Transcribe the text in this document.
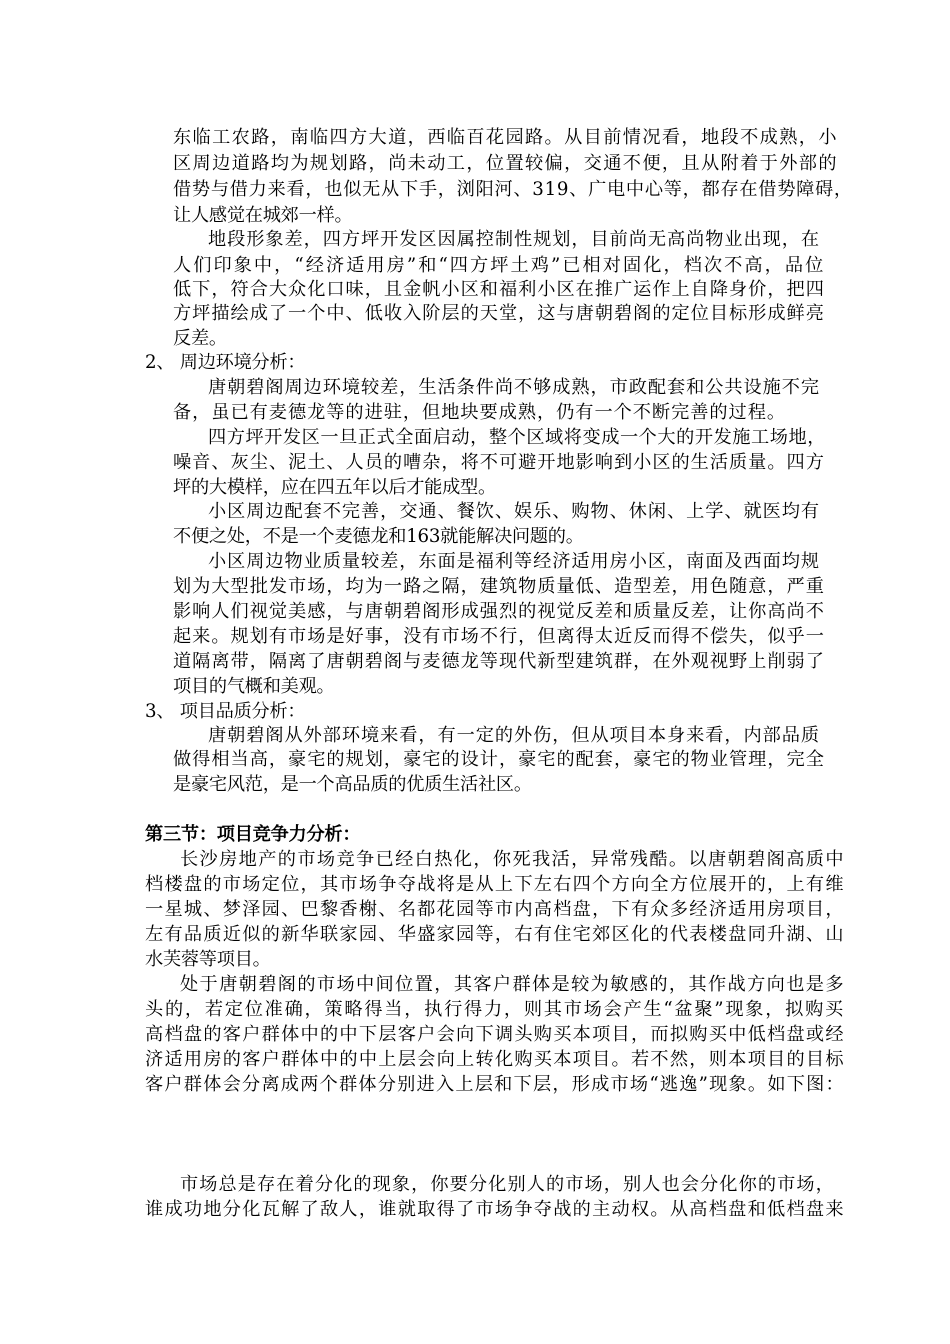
东临工农路，南临四方大道，西临百花园路。从目前情况看，地段不成熟，小

区周边道路均为规划路，尚未动工，位置较偏，交通不便，且从附着于外部的

借势与借力来看，也似无从下手，浏阳河、319、广电中心等，都存在借势障碍，

让人感觉在城郊一样。

地段形象差，四方坪开发区因属控制性规划，目前尚无高尚物业出现，在

人们印象中，“经济适用房”和“四方坪土鸡”已相对固化，档次不高，品位

低下，符合大众化口味，且金帆小区和福利小区在推广运作上自降身价，把四

方坪描绘成了一个中、低收入阶层的天堂，这与唐朝碧阁的定位目标形成鲜亮

反差。

2、 周边环境分析：

唐朝碧阁周边环境较差，生活条件尚不够成熟，市政配套和公共设施不完

备，虽已有麦德龙等的进驻，但地块要成熟，仍有一个不断完善的过程。

四方坪开发区一旦正式全面启动，整个区域将变成一个大的开发施工场地，

噪音、灰尘、泥土、人员的嘈杂，将不可避开地影响到小区的生活质量。四方

坪的大模样，应在四五年以后才能成型。

小区周边配套不完善，交通、餐饮、娱乐、购物、休闲、上学、就医均有

不便之处，不是一个麦德龙和163就能解决问题的。

小区周边物业质量较差，东面是福利等经济适用房小区，南面及西面均规

划为大型批发市场，均为一路之隔，建筑物质量低、造型差，用色随意，严重

影响人们视觉美感，与唐朝碧阁形成强烈的视觉反差和质量反差，让你高尚不

起来。规划有市场是好事，没有市场不行，但离得太近反而得不偿失，似乎一

道隔离带，隔离了唐朝碧阁与麦德龙等现代新型建筑群，在外观视野上削弱了

项目的气概和美观。

3、 项目品质分析：

唐朝碧阁从外部环境来看，有一定的外伤，但从项目本身来看，内部品质

做得相当高，豪宅的规划，豪宅的设计，豪宅的配套，豪宅的物业管理，完全

是豪宅风范，是一个高品质的优质生活社区。

第三节：项目竞争力分析：

长沙房地产的市场竞争已经白热化，你死我活，异常残酷。以唐朝碧阁高质中

档楼盘的市场定位，其市场争夺战将是从上下左右四个方向全方位展开的，上有维

一星城、梦泽园、巴黎香榭、名都花园等市内高档盘，下有众多经济适用房项目，

左有品质近似的新华联家园、华盛家园等，右有住宅郊区化的代表楼盘同升湖、山

水芙蓉等项目。

处于唐朝碧阁的市场中间位置，其客户群体是较为敏感的，其作战方向也是多

头的，若定位准确，策略得当，执行得力，则其市场会产生“盆聚”现象，拟购买

高档盘的客户群体中的中下层客户会向下调头购买本项目，而拟购买中低档盘或经

济适用房的客户群体中的中上层会向上转化购买本项目。若不然，则本项目的目标

客户群体会分离成两个群体分别进入上层和下层，形成市场“逃逸”现象。如下图：

市场总是存在着分化的现象，你要分化别人的市场，别人也会分化你的市场，

谁成功地分化瓦解了敌人，谁就取得了市场争夺战的主动权。从高档盘和低档盘来
